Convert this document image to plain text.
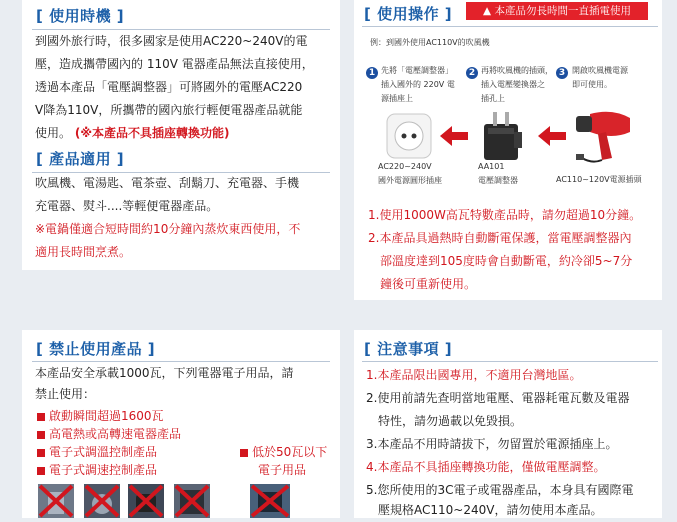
[ 使用時機 ]
到國外旅行時，很多國家是使用AC220~240V的電
壓，造成攜帶國內的 110V 電器產品無法直接使用，
透過本產品「電壓調整器」可將國外的電壓AC220
V降為110V，所攜帶的國內旅行輕便電器產品就能
使用。 (※本產品不具插座轉換功能)
[ 產品適用 ]
吹風機、電湯匙、電茶壺、刮鬍刀、充電器、手機
充電器、熨斗....等輕便電器產品。
※電鍋僅適合短時間約10分鐘內蒸炊東西使用，不
適用長時間烹煮。
[ 使用操作 ]	▲ 本產品勿長時間一直插電使用
例：到國外使用AC110V的吹風機
1 先將「電壓調整器」
插入國外的 220V 電
源插座上
2 再將吹風機的插頭，
插入電壓變換器之
插孔上
3 開啟吹風機電源
即可使用。
AC220~240V
國外電源圓形插座
AA101
電壓調整器	AC110~120V電源插頭
1.使用1000W高瓦特數產品時，請勿超過10分鐘。
2.本產品具過熱時自動斷電保護，當電壓調整器內
部溫度達到105度時會自動斷電，約冷卻5~7分
鐘後可重新使用。
[ 禁止使用產品 ]
本產品安全承載1000瓦，下列電器電子用品，請
禁止使用：
啟動瞬間超過1600瓦
高電熱或高轉速電器產品
電子式調溫控制產品
電子式調速控制產品
低於50瓦以下
電子用品
[ 注意事項 ]
1.本產品限出國專用，不適用台灣地區。
2.使用前請先查明當地電壓、電器耗電瓦數及電器
特性，請勿過載以免毀損。
3.本產品不用時請拔下，勿留置於電源插座上。
4.本產品不具插座轉換功能，僅做電壓調整。
5.您所使用的3C電子或電器產品，本身具有國際電
壓規格AC110~240V，請勿使用本產品。
